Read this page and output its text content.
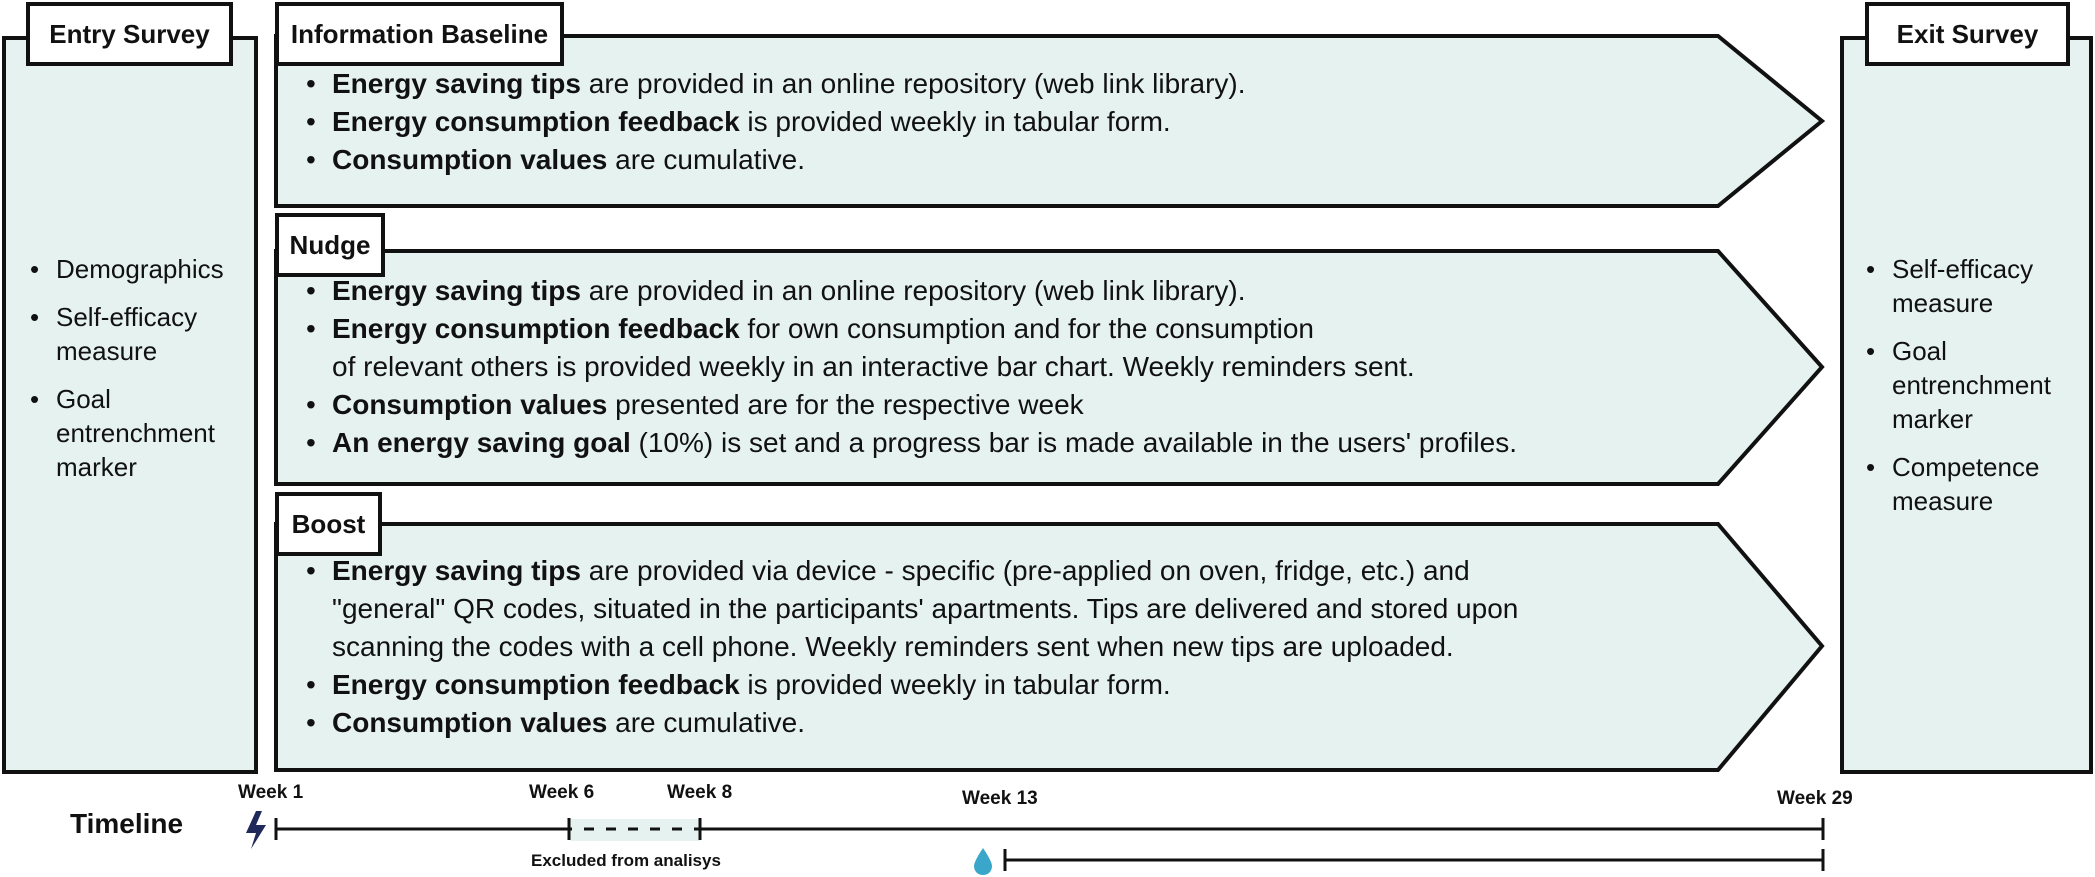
Entry Survey
• Demographics
• Self-efficacy measure
• Goal entrenchment marker
Exit Survey
• Self-efficacy measure
• Goal entrenchment marker
• Competence measure
Information Baseline
Nudge
Boost
• Energy saving tips are provided in an online repository (web link library).
• Energy consumption feedback is provided weekly in tabular form.
• Consumption values are cumulative.
• Energy saving tips are provided in an online repository (web link library).
• Energy consumption feedback for own consumption and for the consumption
of relevant others is provided weekly in an interactive bar chart. Weekly reminders sent.
• Consumption values presented are for the respective week
• An energy saving goal (10%) is set and a progress bar is made available in the users' profiles.
• Energy saving tips are provided via device - specific (pre-applied on oven, fridge, etc.) and
"general" QR codes, situated in the participants' apartments. Tips are delivered and stored upon
scanning the codes with a cell phone. Weekly reminders sent when new tips are uploaded.
• Energy consumption feedback is provided weekly in tabular form.
• Consumption values are cumulative.
Timeline
Week 1	Week 6	Week 8	Week 13	Week 29
Excluded from analisys
